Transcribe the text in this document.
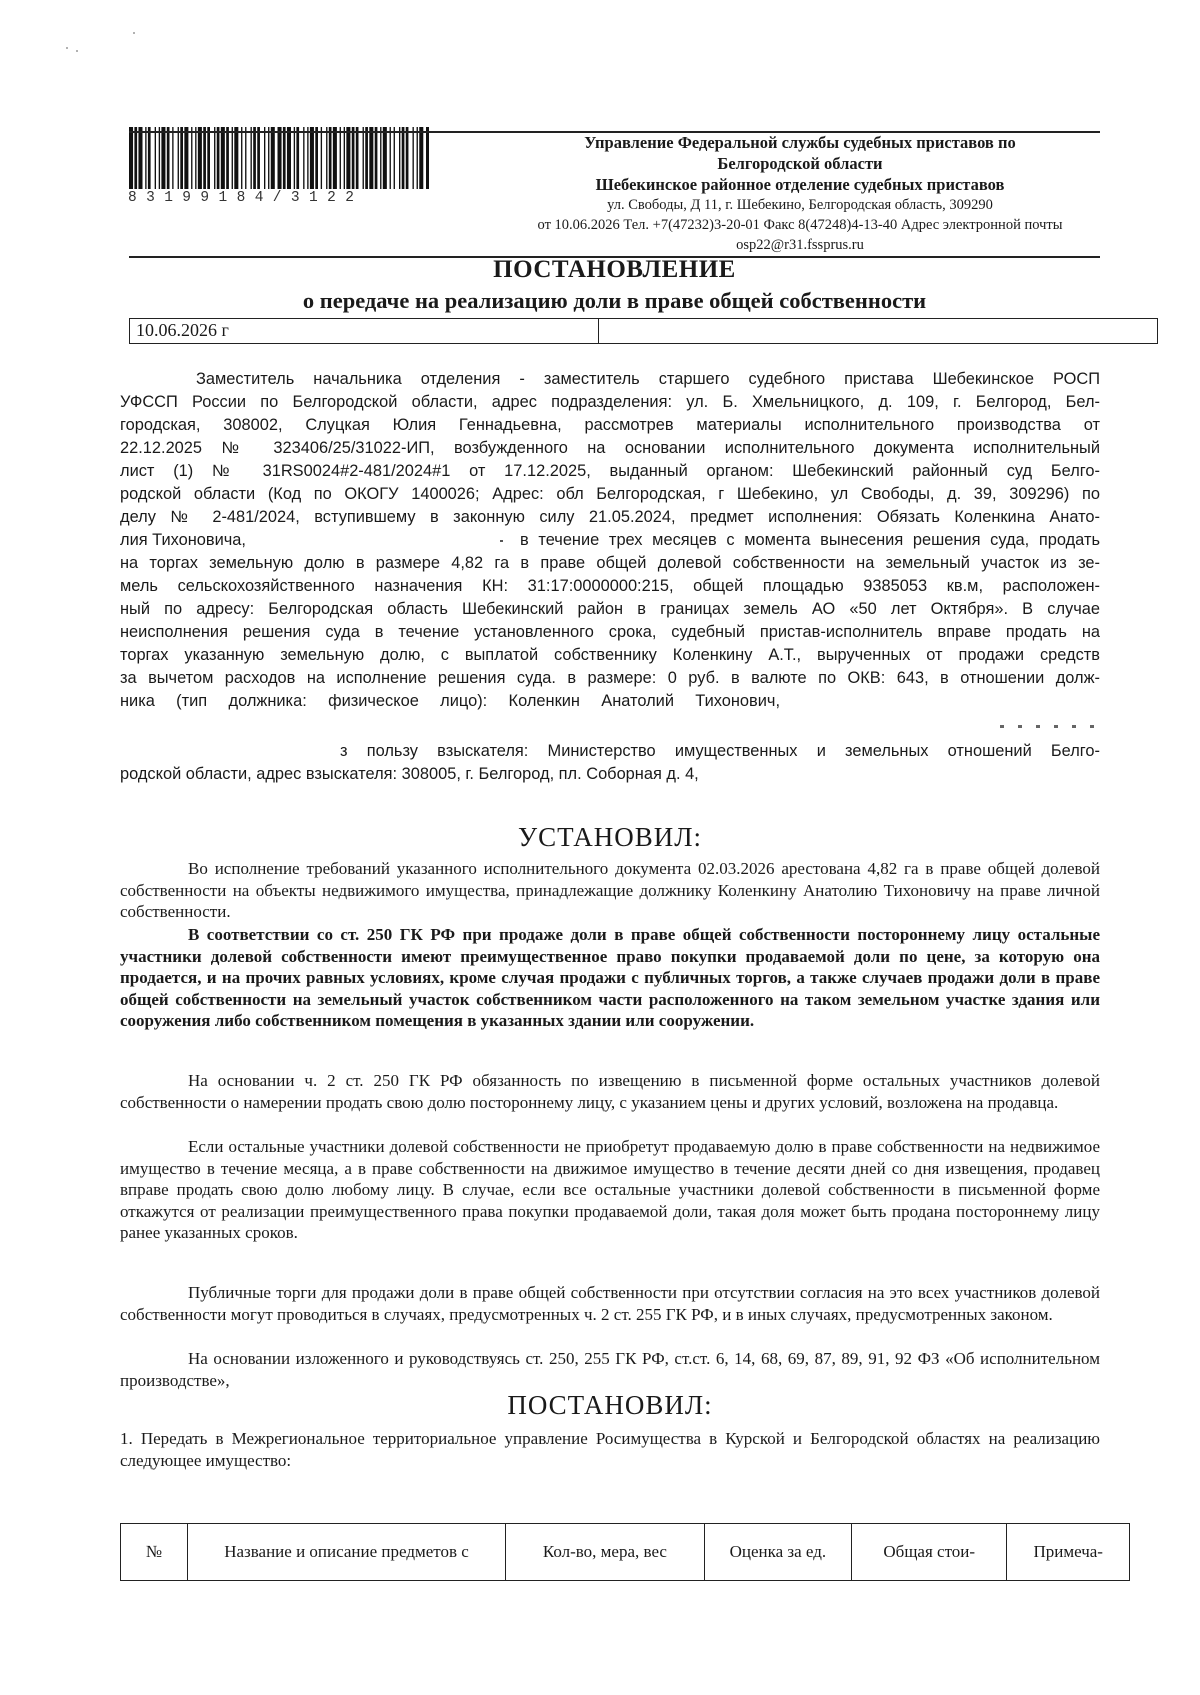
83199184/3122
Управление Федеральной службы судебных приставов по
Белгородской области
Шебекинское районное отделение судебных приставов
ул. Свободы, Д 11, г. Шебекино, Белгородская область, 309290
от 10.06.2026 Тел. +7(47232)3-20-01 Факс 8(47248)4-13-40 Адрес электронной почты
osp22@r31.fssprus.ru
ПОСТАНОВЛЕНИЕ
о передаче на реализацию доли в праве общей собственности
10.06.2026 г
Заместитель начальника отделения - заместитель старшего судебного пристава Шебекинское РОСП
УФССП России по Белгородской области, адрес подразделения: ул. Б. Хмельницкого, д. 109, г. Белгород, Бел-
городская, 308002, Слуцкая Юлия Геннадьевна, рассмотрев материалы исполнительного производства от
22.12.2025 № 323406/25/31022-ИП, возбужденного на основании исполнительного документа исполнительный
лист (1) № 31RS0024#2-481/2024#1 от 17.12.2025, выданный органом: Шебекинский районный суд Белго-
родской области (Код по ОКОГУ 1400026; Адрес: обл Белгородская, г Шебекино, ул Свободы, д. 39, 309296) по
делу № 2-481/2024, вступившему в законную силу 21.05.2024, предмет исполнения: Обязать Коленкина Анато-
лия Тихоновича,	в течение трех месяцев с момента вынесения решения суда, продать
на торгах земельную долю в размере 4,82 га в праве общей долевой собственности на земельный участок из зе-
мель сельскохозяйственного назначения КН: 31:17:0000000:215, общей площадью 9385053 кв.м, расположен-
ный по адресу: Белгородская область Шебекинский район в границах земель АО «50 лет Октября». В случае
неисполнения решения суда в течение установленного срока, судебный пристав-исполнитель вправе продать на
торгах указанную земельную долю, с выплатой собственнику Коленкину А.Т., вырученных от продажи средств
за вычетом расходов на исполнение решения суда. в размере: 0 руб. в валюте по ОКВ: 643, в отношении долж-
ника (тип должника: физическое лицо): Коленкин Анатолий Тихонович,
з пользу взыскателя: Министерство имущественных и земельных отношений Белго-
родской области, адрес взыскателя: 308005, г. Белгород, пл. Соборная д. 4,
УСТАНОВИЛ:
Во исполнение требований указанного исполнительного документа 02.03.2026 арестована 4,82 га в праве общей долевой собственности на объекты недвижимого имущества, принадлежащие должнику Коленкину Анатолию Тихоновичу на праве личной собственности.
В соответствии со ст. 250 ГК РФ при продаже доли в праве общей собственности постороннему лицу остальные участники долевой собственности имеют преимущественное право покупки продаваемой доли по цене, за которую она продается, и на прочих равных условиях, кроме случая продажи с публичных торгов, а также случаев продажи доли в праве общей собственности на земельный участок собственником части расположенного на таком земельном участке здания или сооружения либо собственником помещения в указанных здании или сооружении.
На основании ч. 2 ст. 250 ГК РФ обязанность по извещению в письменной форме остальных участников долевой собственности о намерении продать свою долю постороннему лицу, с указанием цены и других условий, возложена на продавца.
Если остальные участники долевой собственности не приобретут продаваемую долю в праве собственности на недвижимое имущество в течение месяца, а в праве собственности на движимое имущество в течение десяти дней со дня извещения, продавец вправе продать свою долю любому лицу. В случае, если все остальные участники долевой собственности в письменной форме откажутся от реализации преимущественного права покупки продаваемой доли, такая доля может быть продана постороннему лицу ранее указанных сроков.
Публичные торги для продажи доли в праве общей собственности при отсутствии согласия на это всех участников долевой собственности могут проводиться в случаях, предусмотренных ч. 2 ст. 255 ГК РФ, и в иных случаях, предусмотренных законом.
На основании изложенного и руководствуясь ст. 250, 255 ГК РФ, ст.ст. 6, 14, 68, 69, 87, 89, 91, 92 ФЗ «Об исполнительном производстве»,
ПОСТАНОВИЛ:
1. Передать в Межрегиональное территориальное управление Росимущества в Курской и Белгородской областях на реализацию следующее имущество:
№	Название и описание предметов с	Кол-во, мера, вес	Оценка за ед.	Общая стои-	Примеча-
